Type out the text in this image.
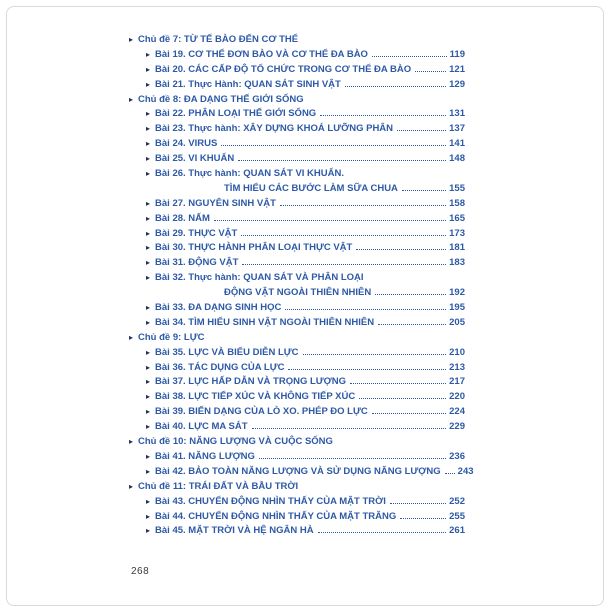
▸ Chủ đề 7: TỪ TẾ BÀO ĐẾN CƠ THỂ
▸ Bài 19. CƠ THỂ ĐƠN BÀO VÀ CƠ THỂ ĐA BÀO	119
▸ Bài 20. CÁC CẤP ĐỘ TỔ CHỨC TRONG CƠ THỂ ĐA BÀO	121
▸ Bài 21. Thực Hành: QUAN SÁT SINH VẬT	129
▸ Chủ đề 8: ĐA DẠNG THẾ GIỚI SỐNG
▸ Bài 22. PHÂN LOẠI THẾ GIỚI SỐNG	131
▸ Bài 23. Thực hành: XÂY DỰNG KHOÁ LƯỠNG PHÂN	137
▸ Bài 24. VIRUS	141
▸ Bài 25. VI KHUẨN	148
▸ Bài 26. Thực hành: QUAN SÁT VI KHUẨN.
TÌM HIỂU CÁC BƯỚC LÀM SỮA CHUA	155
▸ Bài 27. NGUYÊN SINH VẬT	158
▸ Bài 28. NẤM	165
▸ Bài 29. THỰC VẬT	173
▸ Bài 30. THỰC HÀNH PHÂN LOẠI THỰC VẬT	181
▸ Bài 31. ĐỘNG VẬT	183
▸ Bài 32. Thực hành: QUAN SÁT VÀ PHÂN LOẠI
ĐỘNG VẬT NGOÀI THIÊN NHIÊN	192
▸ Bài 33. ĐA DẠNG SINH HỌC	195
▸ Bài 34. TÌM HIỂU SINH VẬT NGOÀI THIÊN NHIÊN	205
▸ Chủ đề 9: LỰC
▸ Bài 35. LỰC VÀ BIỂU DIỄN LỰC	210
▸ Bài 36. TÁC DỤNG CỦA LỰC	213
▸ Bài 37. LỰC HẤP DẪN VÀ TRỌNG LƯỢNG	217
▸ Bài 38. LỰC TIẾP XÚC VÀ KHÔNG TIẾP XÚC	220
▸ Bài 39. BIẾN DẠNG CỦA LÒ XO. PHÉP ĐO LỰC	224
▸ Bài 40. LỰC MA SÁT	229
▸ Chủ đề 10: NĂNG LƯỢNG VÀ CUỘC SỐNG
▸ Bài 41. NĂNG LƯỢNG	236
▸ Bài 42. BẢO TOÀN NĂNG LƯỢNG VÀ SỬ DỤNG NĂNG LƯỢNG 243
▸ Chủ đề 11: TRÁI ĐẤT VÀ BẦU TRỜI
▸ Bài 43. CHUYỂN ĐỘNG NHÌN THẤY CỦA MẶT TRỜI	252
▸ Bài 44. CHUYỂN ĐỘNG NHÌN THẤY CỦA MẶT TRĂNG	255
▸ Bài 45. MẶT TRỜI VÀ HỆ NGÂN HÀ	261
268
